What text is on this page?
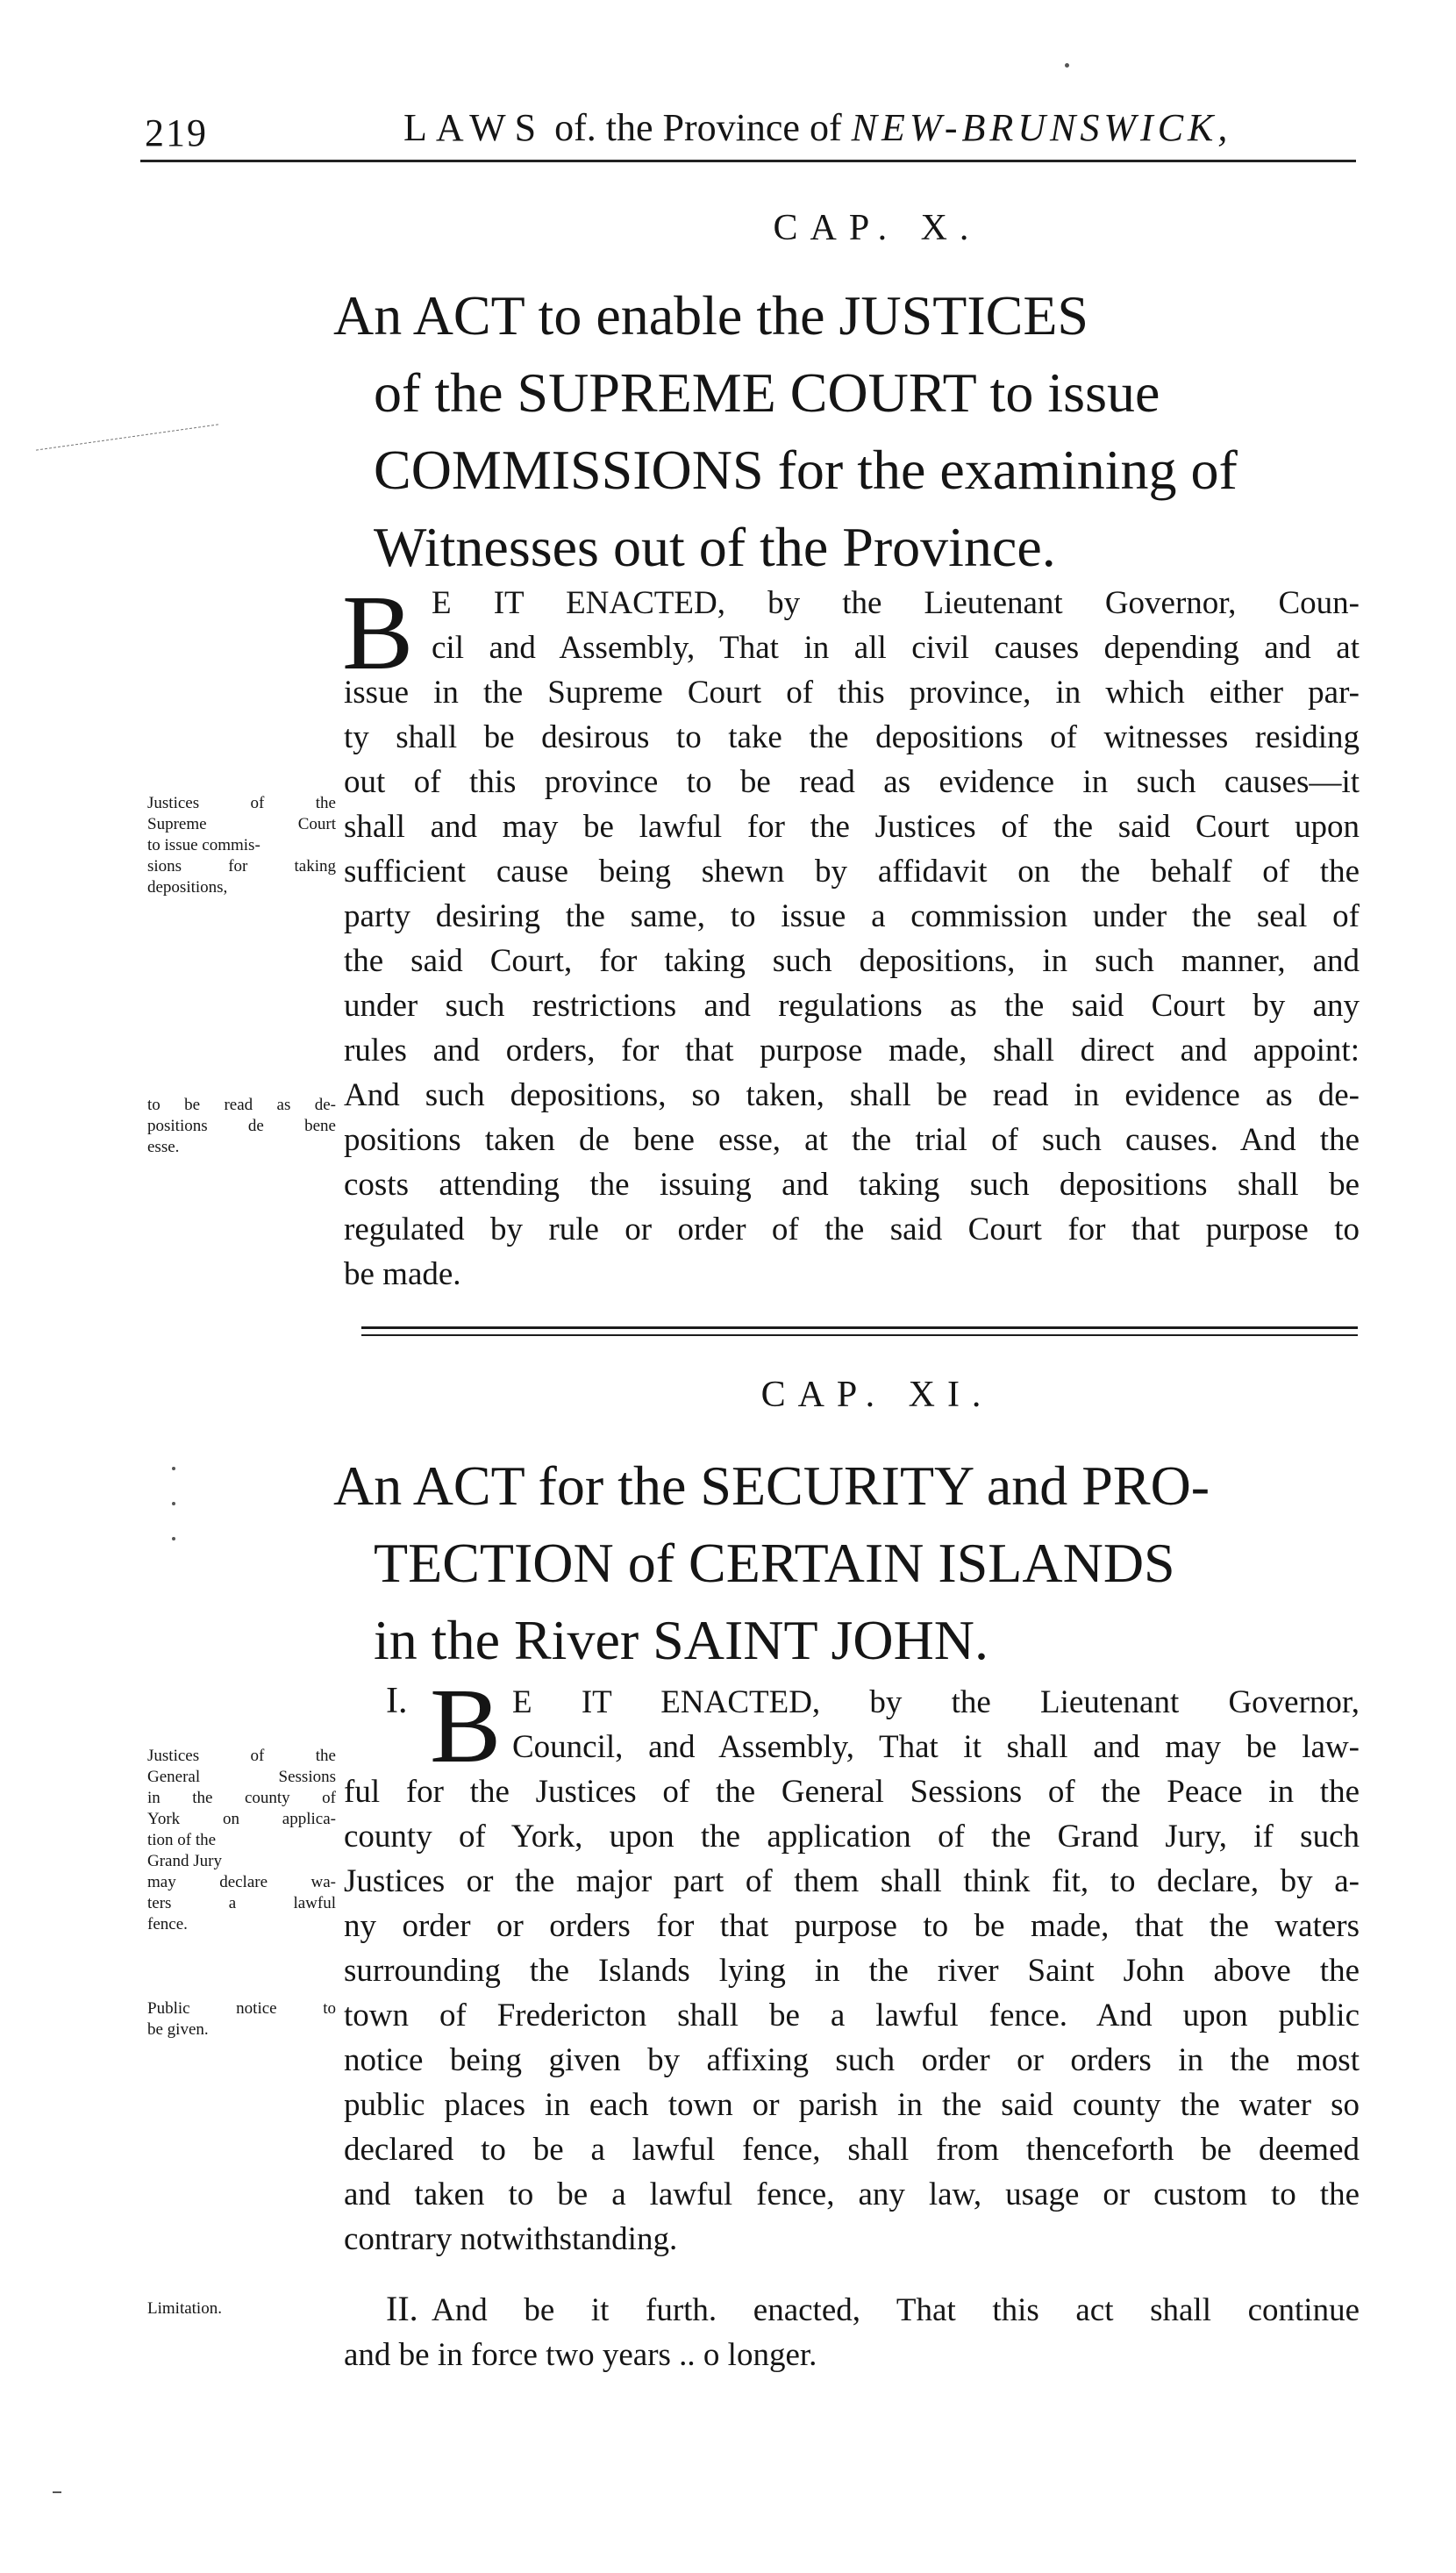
219	LAWS of. the Province of NEW-BRUNSWICK,
CAP. X.
An ACT to enable the JUSTICES
of the SUPREME COURT to issue
COMMISSIONS for the examining of
Witnesses out of the Province.
B E IT ENACTED, by the Lieutenant Governor, Coun-
cil and Assembly, That in all civil causes depending and at
issue in the Supreme Court of this province, in which either par-
ty shall be desirous to take the depositions of witnesses residing
out of this province to be read as evidence in such causes—it
shall and may be lawful for the Justices of the said Court upon
sufficient cause being shewn by affidavit on the behalf of the
party desiring the same, to issue a commission under the seal of
the said Court, for taking such depositions, in such manner, and
under such restrictions and regulations as the said Court by any
rules and orders, for that purpose made, shall direct and appoint:
And such depositions, so taken, shall be read in evidence as de-
positions taken de bene esse, at the trial of such causes. And the
costs attending the issuing and taking such depositions shall be
regulated by rule or order of the said Court for that purpose to
be made.
Justices of the
Supreme Court
to issue commis-
sions for taking
depositions,
to be read as de-
positions de bene
esse.
CAP. XI.
An ACT for the SECURITY and PRO-
TECTION of CERTAIN ISLANDS
in the River SAINT JOHN.
I. B E IT ENACTED, by the Lieutenant Governor,
Council, and Assembly, That it shall and may be law-
ful for the Justices of the General Sessions of the Peace in the
county of York, upon the application of the Grand Jury, if such
Justices or the major part of them shall think fit, to declare, by a-
ny order or orders for that purpose to be made, that the waters
surrounding the Islands lying in the river Saint John above the
town of Fredericton shall be a lawful fence. And upon public
notice being given by affixing such order or orders in the most
public places in each town or parish in the said county the water so
declared to be a lawful fence, shall from thenceforth be deemed
and taken to be a lawful fence, any law, usage or custom to the
contrary notwithstanding.
II. And be it furth. enacted, That this act shall continue
and be in force two years .. o longer.
Justices of the
General Sessions
in the county of
York on applica-
tion of the
Grand Jury
may declare wa-
ters a lawful
fence.
Public notice to
be given.
Limitation.
